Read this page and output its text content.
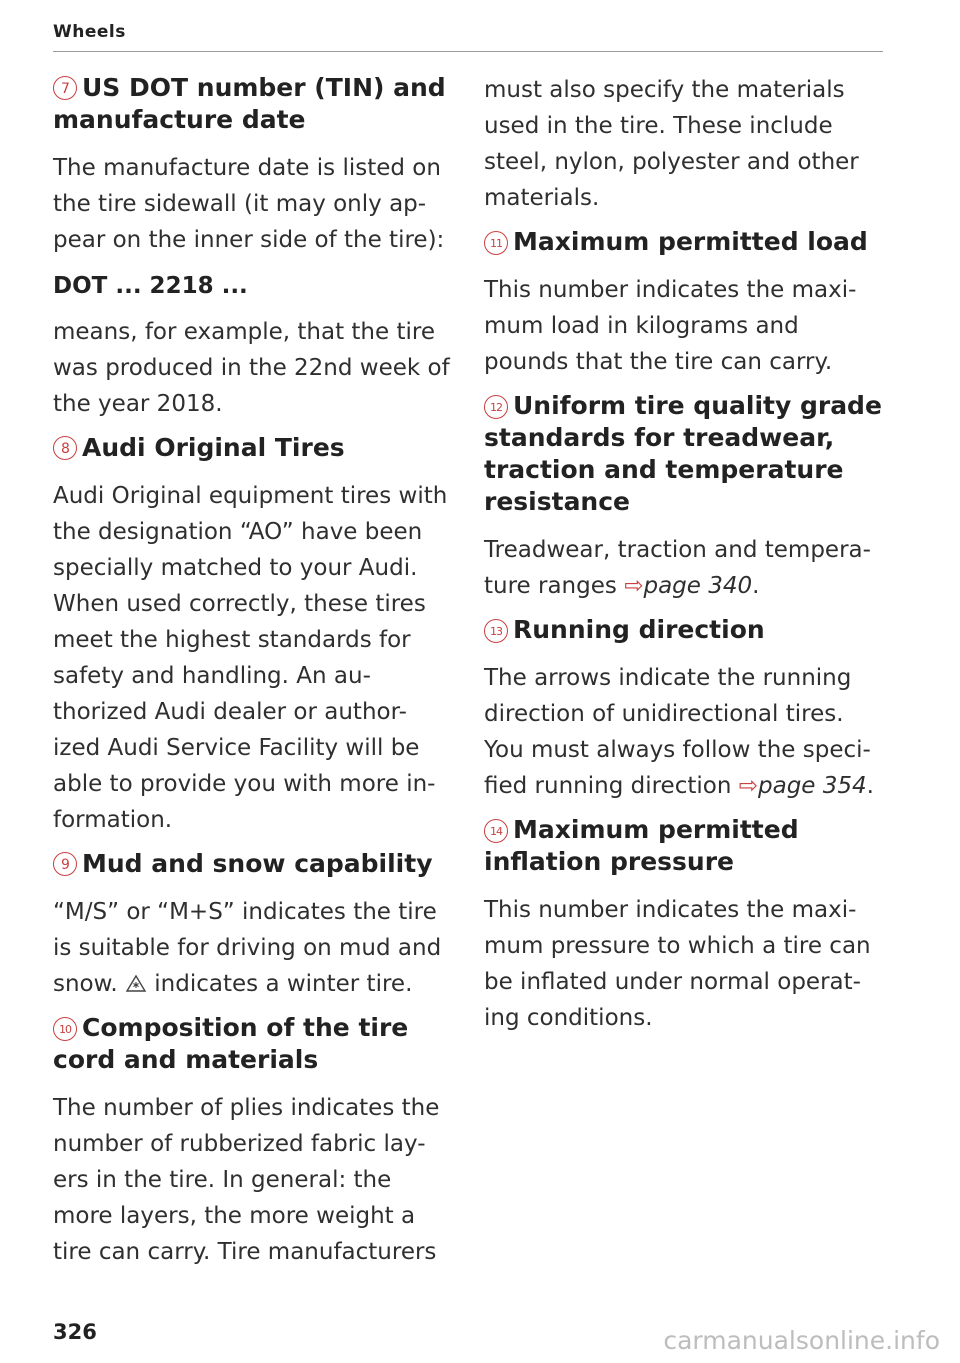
Wheels
7 US DOT number (TIN) and manufacture date

The manufacture date is listed on the tire sidewall (it may only ap-pear on the inner side of the tire):

DOT ... 2218 ...

means, for example, that the tire was produced in the 22nd week of the year 2018.

8 Audi Original Tires

Audi Original equipment tires with the designation “AO” have been specially matched to your Audi. When used correctly, these tires meet the highest standards for safety and handling. An au-thorized Audi dealer or author-ized Audi Service Facility will be able to provide you with more in-formation.

9 Mud and snow capability

“M/S” or “M+S” indicates the tire is suitable for driving on mud and snow. indicates a winter tire.

10 Composition of the tire cord and materials

The number of plies indicates the number of rubberized fabric lay-ers in the tire. In general: the more layers, the more weight a tire can carry. Tire manufacturers

must also specify the materials used in the tire. These include steel, nylon, polyester and other materials.

11 Maximum permitted load

This number indicates the maxi-mum load in kilograms and pounds that the tire can carry.

12 Uniform tire quality grade standards for treadwear, traction and temperature resistance

Treadwear, traction and tempera-ture ranges ⇨page 340.

13 Running direction

The arrows indicate the running direction of unidirectional tires. You must always follow the speci-fied running direction ⇨page 354.

14 Maximum permitted inflation pressure

This number indicates the maxi-mum pressure to which a tire can be inflated under normal operat-ing conditions.

326	carmanualsonline.info
